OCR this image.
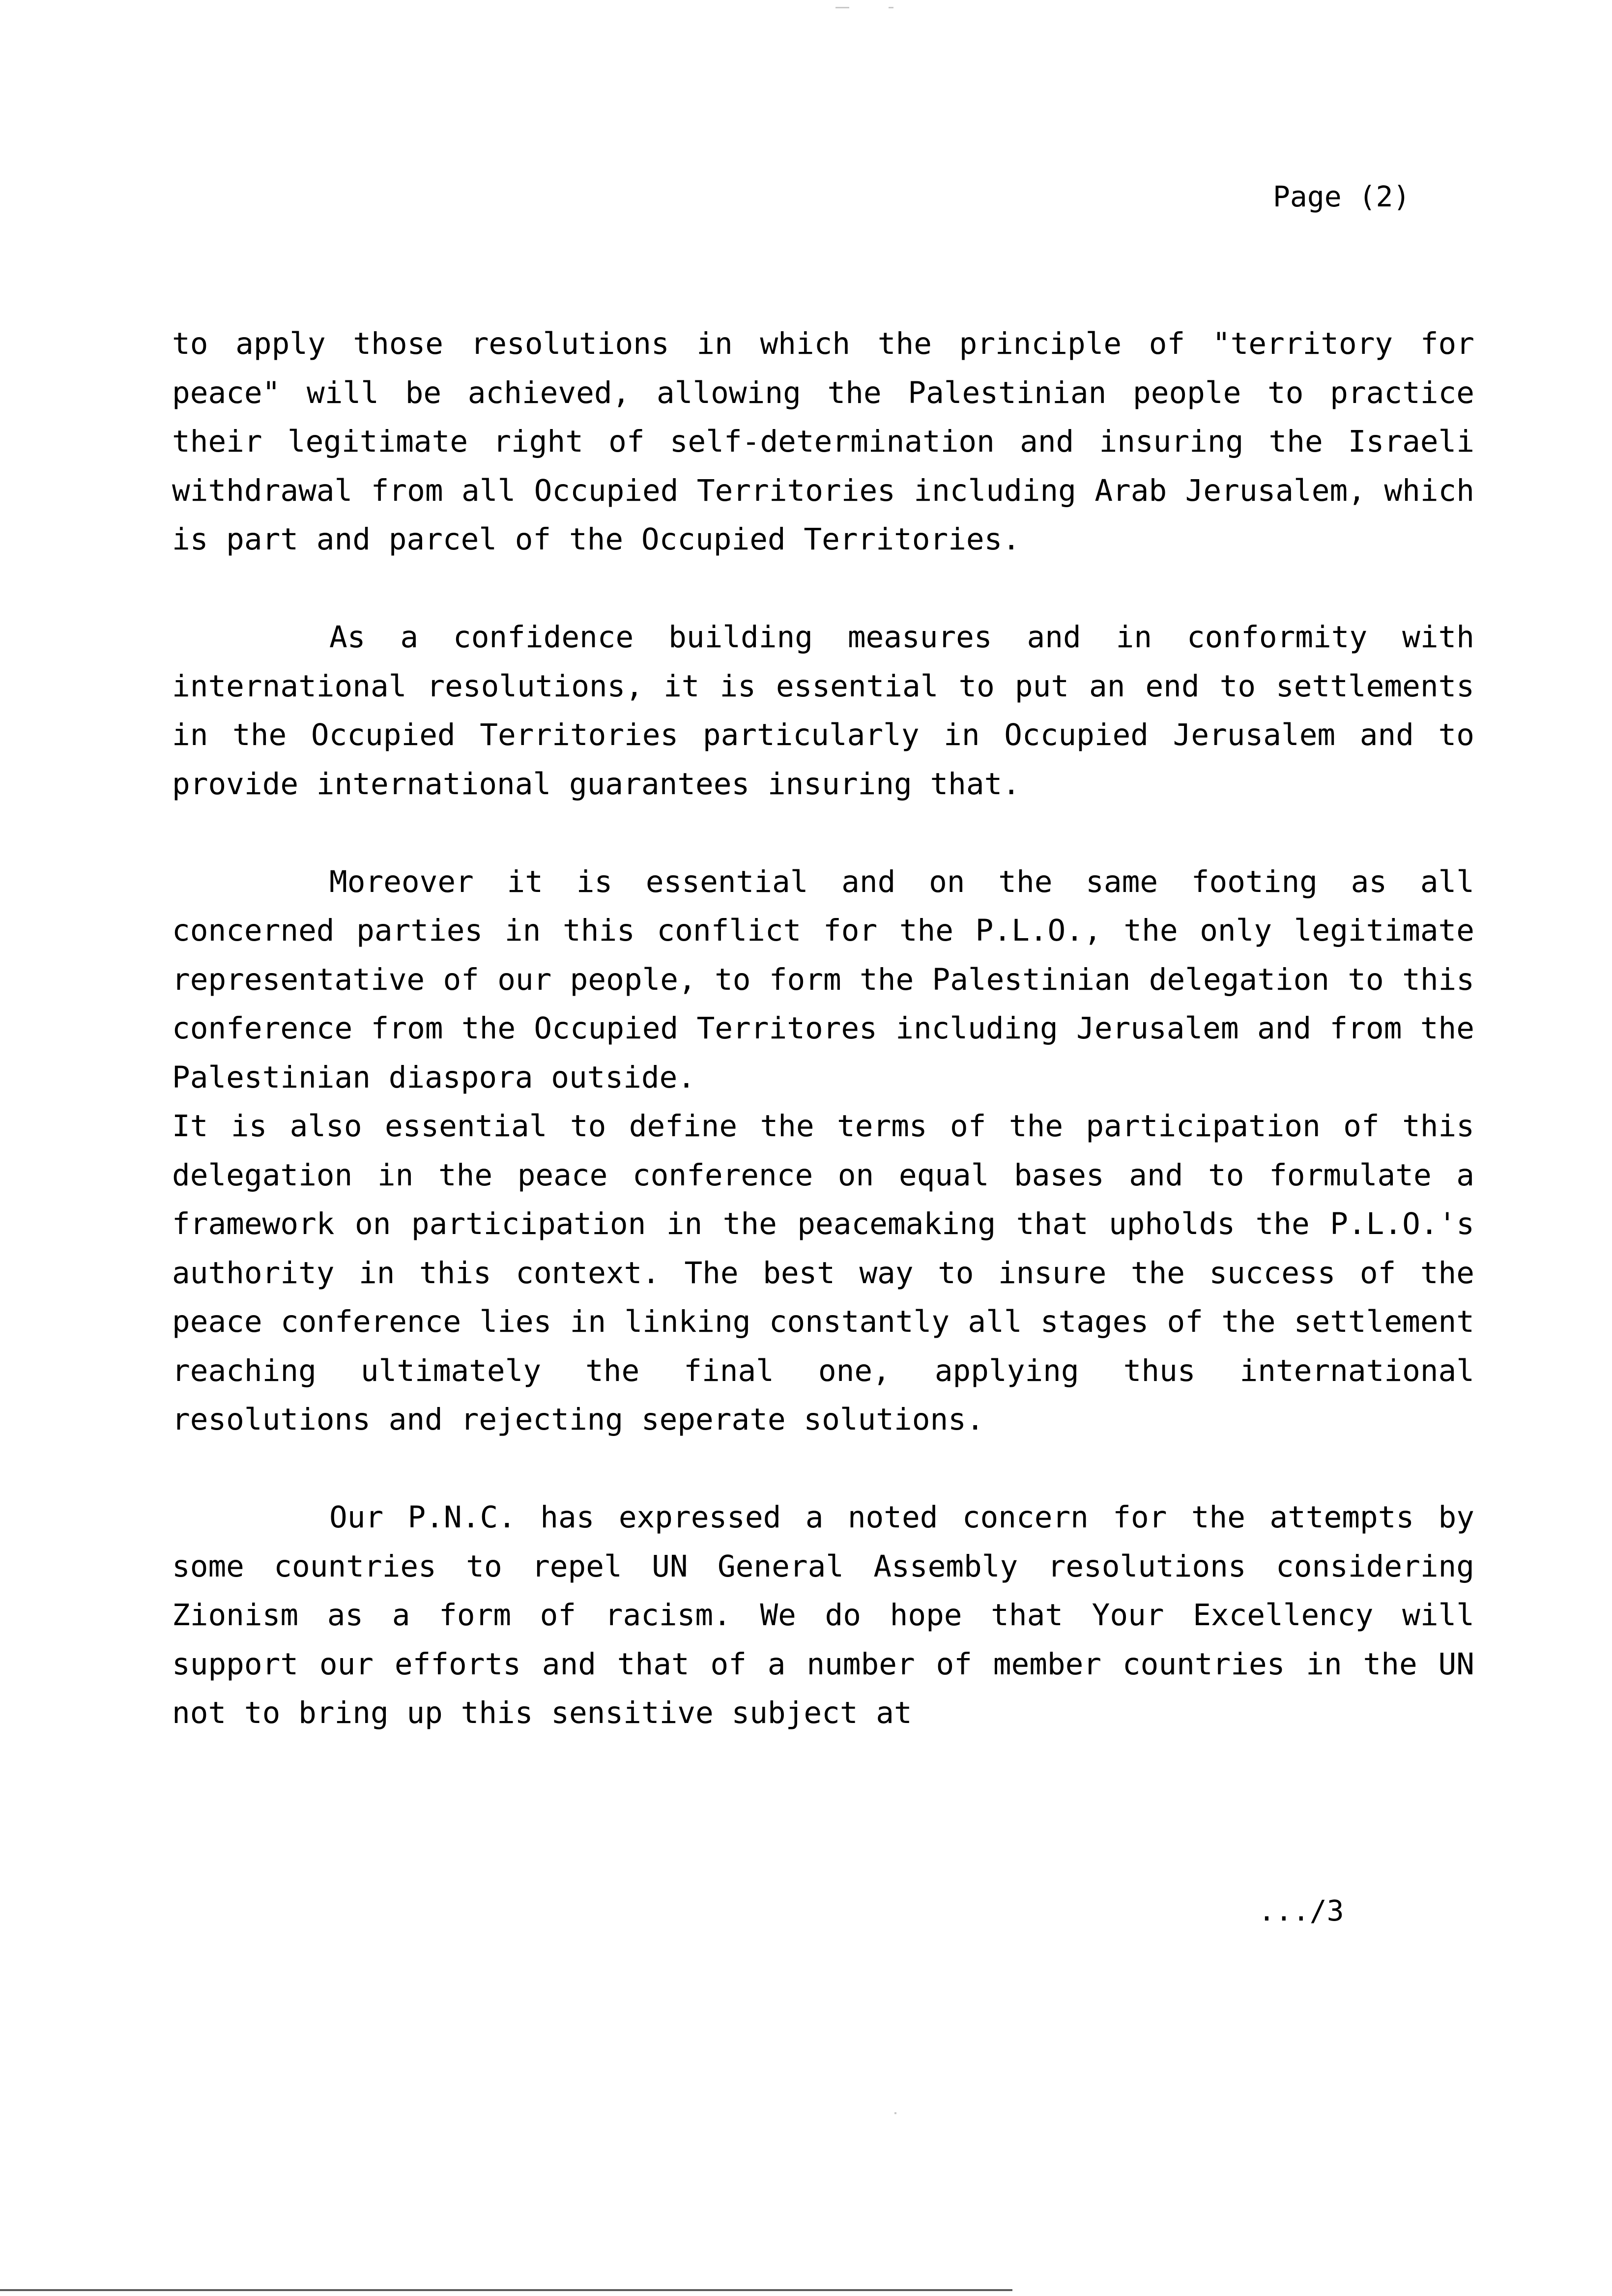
Page (2)

to apply those resolutions in which the principle of "territory for peace" will be achieved, allowing the Palestinian people to practice their legitimate right of self-determination and insuring the Israeli withdrawal from all Occupied Territories including Arab Jerusalem, which is part and parcel of the Occupied Territories.

As a confidence building measures and in conformity with international resolutions, it is essential to put an end to settlements in the Occupied Territories particularly in Occupied Jerusalem and to provide international guarantees insuring that.

Moreover it is essential and on the same footing as all concerned parties in this conflict for the P.L.O., the only legitimate representative of our people, to form the Palestinian delegation to this conference from the Occupied Territores including Jerusalem and from the Palestinian diaspora outside.

It is also essential to define the terms of the participation of this delegation in the peace conference on equal bases and to formulate a framework on participation in the peacemaking that upholds the P.L.O.'s authority in this context. The best way to insure the success of the peace conference lies in linking constantly all stages of the settlement reaching ultimately the final one, applying thus international resolutions and rejecting seperate solutions.

Our P.N.C. has expressed a noted concern for the attempts by some countries to repel UN General Assembly resolutions considering Zionism as a form of racism. We do hope that Your Excellency will support our efforts and that of a number of member countries in the UN not to bring up this sensitive subject at

.../3
